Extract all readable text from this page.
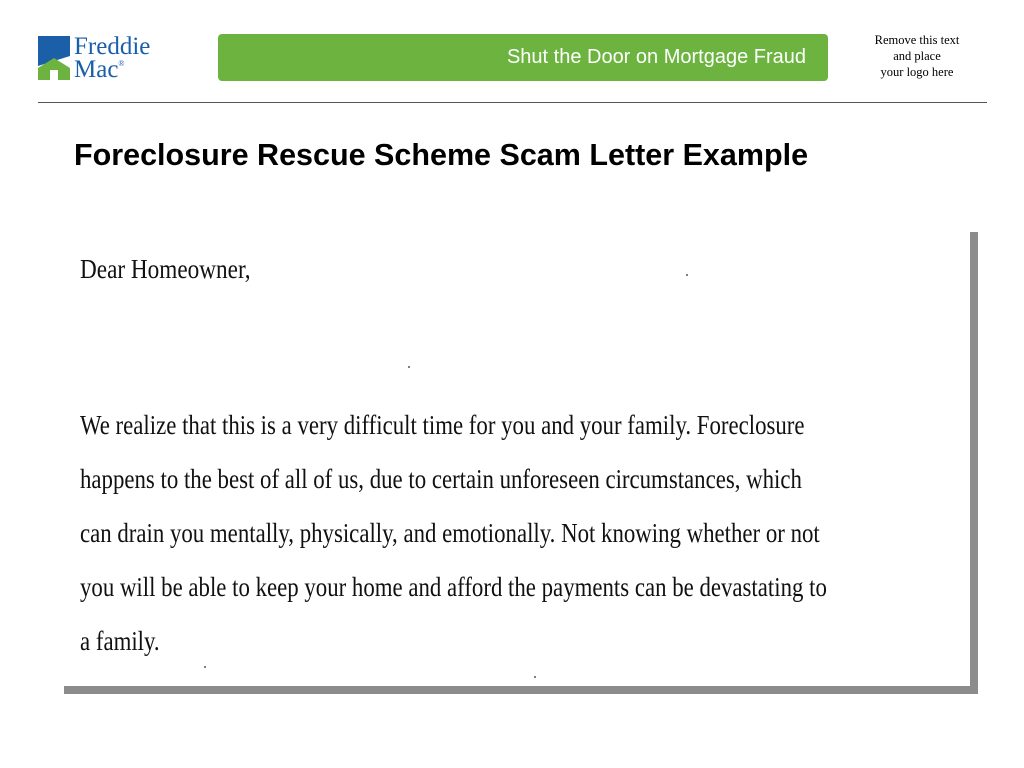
Freddie
Mac®	Shut the Door on Mortgage Fraud
Remove this text
and place
your logo here
Foreclosure Rescue Scheme Scam Letter Example

Dear Homeowner,

We realize that this is a very difficult time for you and your family. Foreclosure
happens to the best of all of us, due to certain unforeseen circumstances, which
can drain you mentally, physically, and emotionally. Not knowing whether or not
you will be able to keep your home and afford the payments can be devastating to
a family.
